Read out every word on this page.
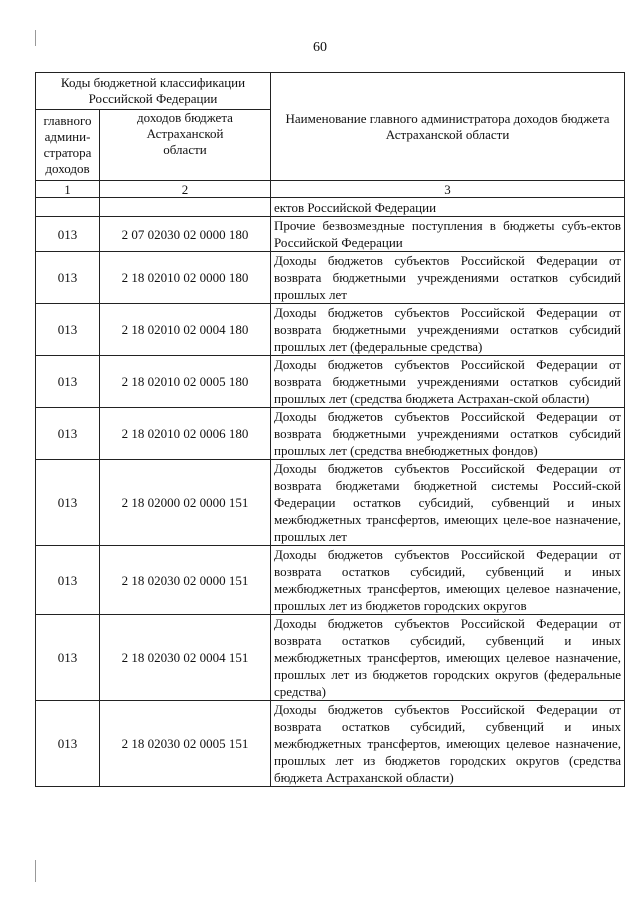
60
Коды бюджетной классификации Российской Федерации		Наименование главного администратора доходов бюджета Астраханской области
главного админи-стратора доходов	доходов бюджета Астраханской области	
1	2	3
		ектов Российской Федерации
013	2 07 02030 02 0000 180	Прочие безвозмездные поступления в бюджеты субъ-ектов Российской Федерации
013	2 18 02010 02 0000 180	Доходы бюджетов субъектов Российской Федерации от возврата бюджетными учреждениями остатков субсидий прошлых лет
013	2 18 02010 02 0004 180	Доходы бюджетов субъектов Российской Федерации от возврата бюджетными учреждениями остатков субсидий прошлых лет (федеральные средства)
013	2 18 02010 02 0005 180	Доходы бюджетов субъектов Российской Федерации от возврата бюджетными учреждениями остатков субсидий прошлых лет (средства бюджета Астрахан-ской области)
013	2 18 02010 02 0006 180	Доходы бюджетов субъектов Российской Федерации от возврата бюджетными учреждениями остатков субсидий прошлых лет (средства внебюджетных фондов)
013	2 18 02000 02 0000 151	Доходы бюджетов субъектов Российской Федерации от возврата бюджетами бюджетной системы Россий-ской Федерации остатков субсидий, субвенций и иных межбюджетных трансфертов, имеющих целе-вое назначение, прошлых лет
013	2 18 02030 02 0000 151	Доходы бюджетов субъектов Российской Федерации от возврата остатков субсидий, субвенций и иных межбюджетных трансфертов, имеющих целевое назначение, прошлых лет из бюджетов городских округов
013	2 18 02030 02 0004 151	Доходы бюджетов субъектов Российской Федерации от возврата остатков субсидий, субвенций и иных межбюджетных трансфертов, имеющих целевое назначение, прошлых лет из бюджетов городских округов (федеральные средства)
013	2 18 02030 02 0005 151	Доходы бюджетов субъектов Российской Федерации от возврата остатков субсидий, субвенций и иных межбюджетных трансфертов, имеющих целевое назначение, прошлых лет из бюджетов городских округов (средства бюджета Астраханской области)
